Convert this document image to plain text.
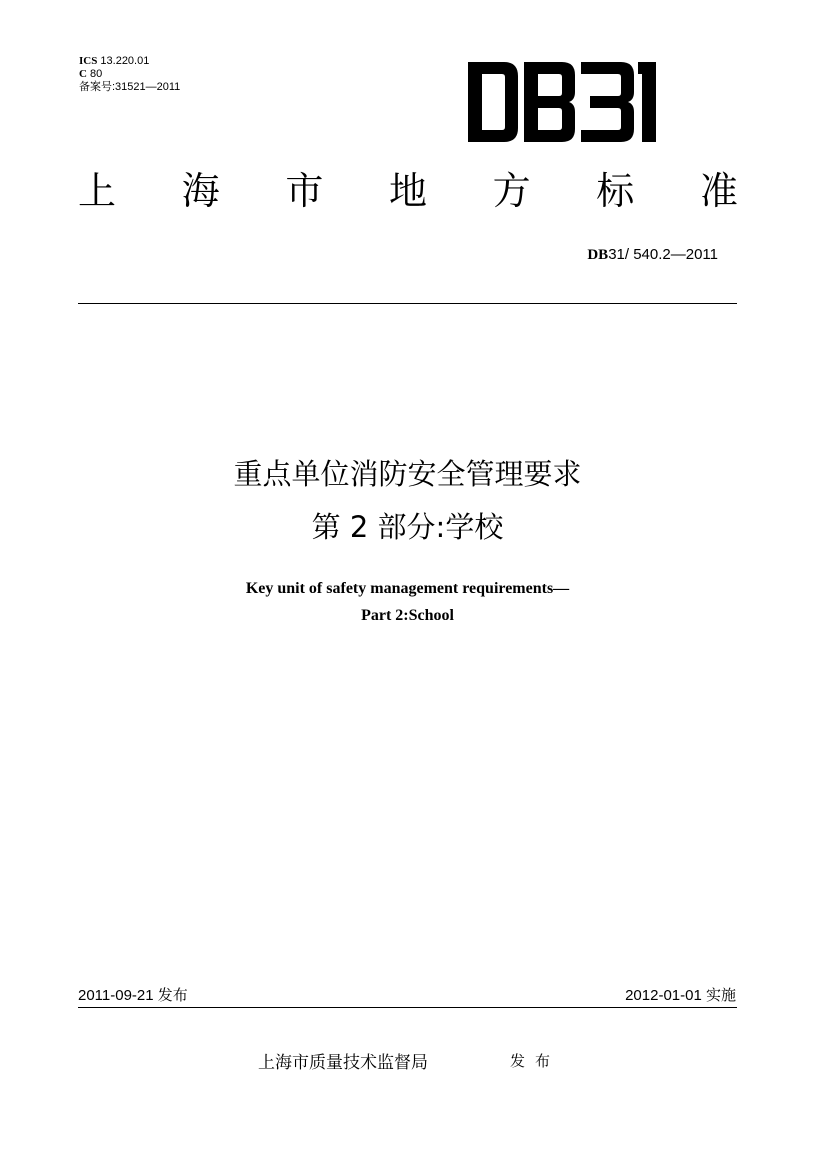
ICS 13.220.01
C 80
备案号:31521—2011
上 海 市 地 方 标 准
DB31/ 540.2—2011
重点单位消防安全管理要求
第 2 部分:学校
Key unit of safety management requirements—
Part 2:School
2011-09-21 发布	2012-01-01 实施
上海市质量技术监督局	发布
